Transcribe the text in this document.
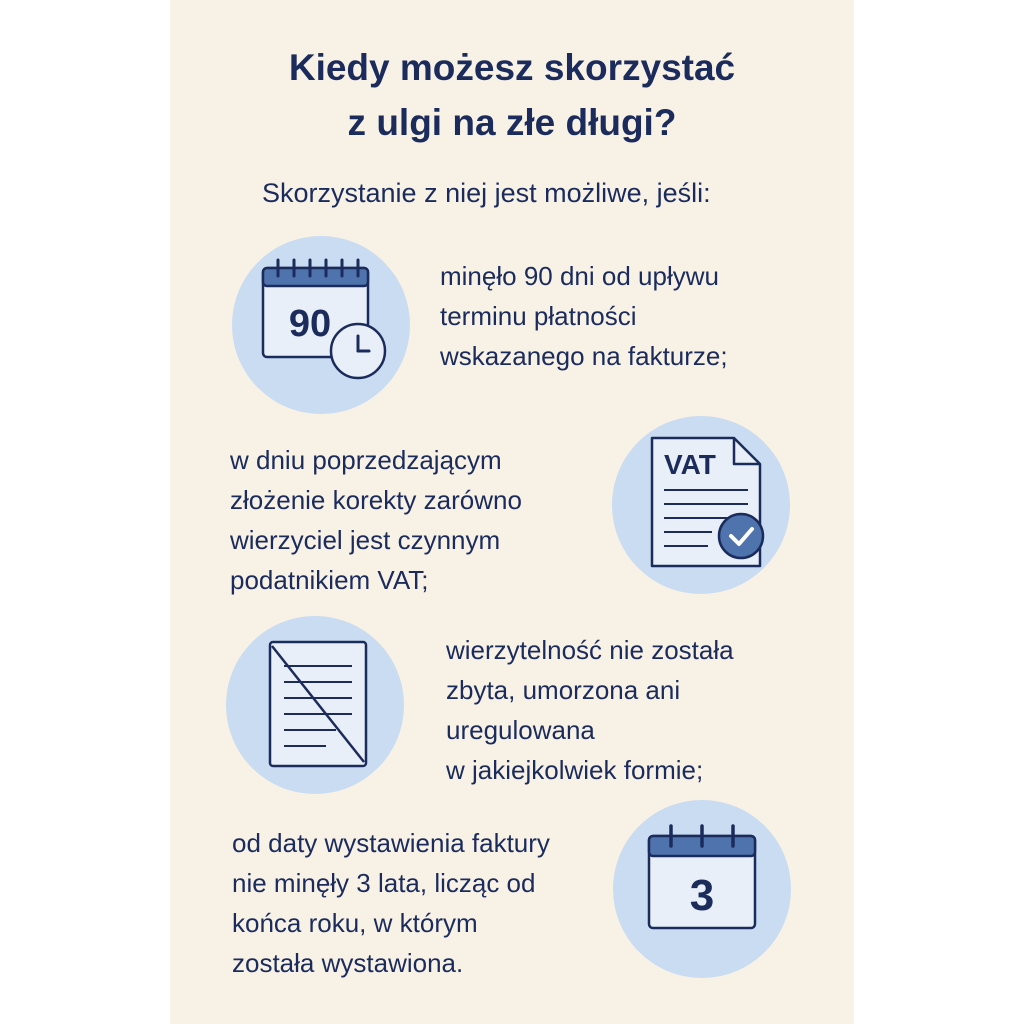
Kiedy możesz skorzystać
z ulgi na złe długi?
Skorzystanie z niej jest możliwe, jeśli:
90
minęło 90 dni od upływu
terminu płatności
wskazanego na fakturze;
w dniu poprzedzającym
złożenie korekty zarówno
wierzyciel jest czynnym
podatnikiem VAT;
VAT
wierzytelność nie została
zbyta, umorzona ani
uregulowana
w jakiejkolwiek formie;
od daty wystawienia faktury
nie minęły 3 lata, licząc od
końca roku, w którym
została wystawiona.
3
